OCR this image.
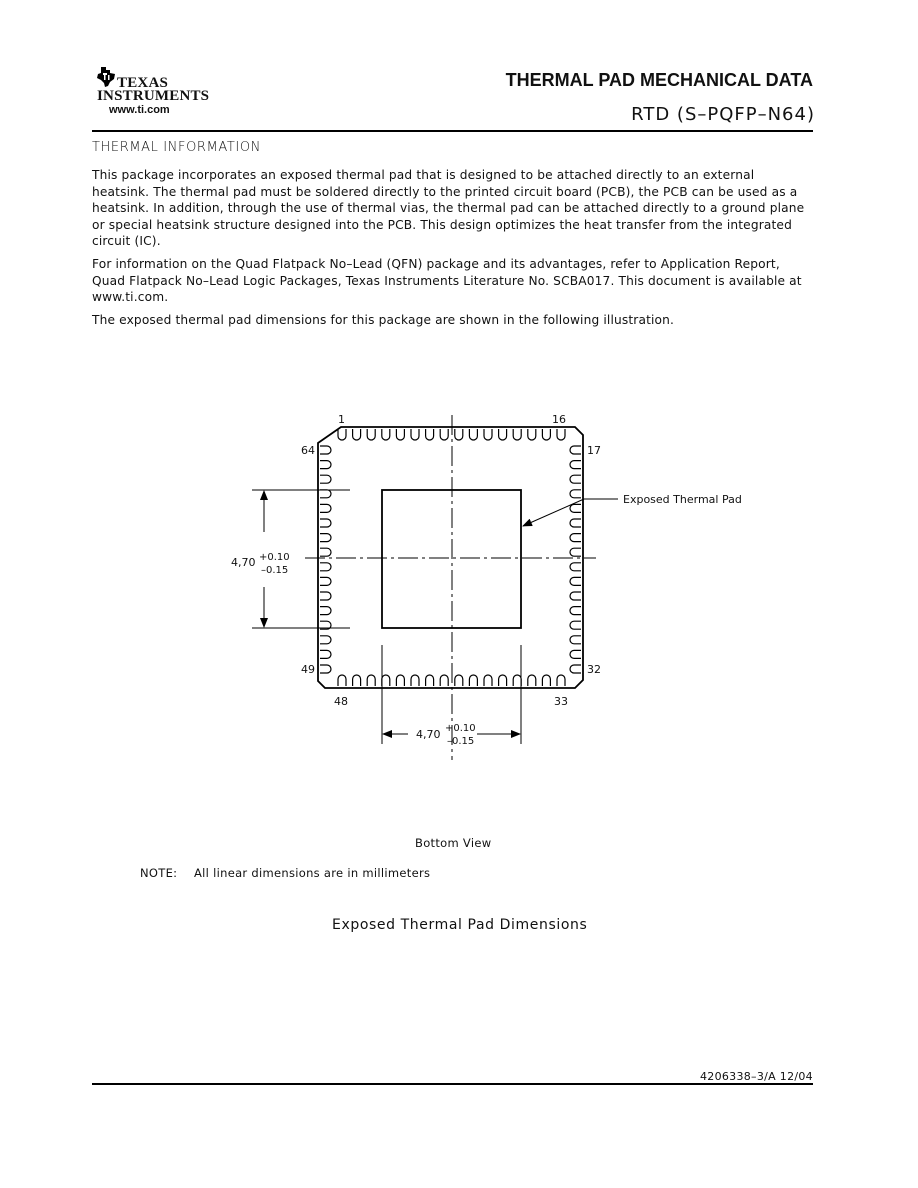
TEXAS
INSTRUMENTS
www.ti.com
THERMAL PAD MECHANICAL DATA
RTD (S–PQFP–N64)
THERMAL INFORMATION
This package incorporates an exposed thermal pad that is designed to be attached directly to an external heatsink. The thermal pad must be soldered directly to the printed circuit board (PCB), the PCB can be used as a heatsink. In addition, through the use of thermal vias, the thermal pad can be attached directly to a ground plane or special heatsink structure designed into the PCB. This design optimizes the heat transfer from the integrated circuit (IC).
For information on the Quad Flatpack No–Lead (QFN) package and its advantages, refer to Application Report, Quad Flatpack No–Lead Logic Packages, Texas Instruments Literature No. SCBA017. This document is available at www.ti.com.
The exposed thermal pad dimensions for this package are shown in the following illustration.
Exposed Thermal Pad
4,70 +0.10
–0.15
4,70 +0.10
–0.15
1	16
64	17
49	32
48	33
Bottom View
NOTE: All linear dimensions are in millimeters
Exposed Thermal Pad Dimensions
4206338–3/A 12/04
